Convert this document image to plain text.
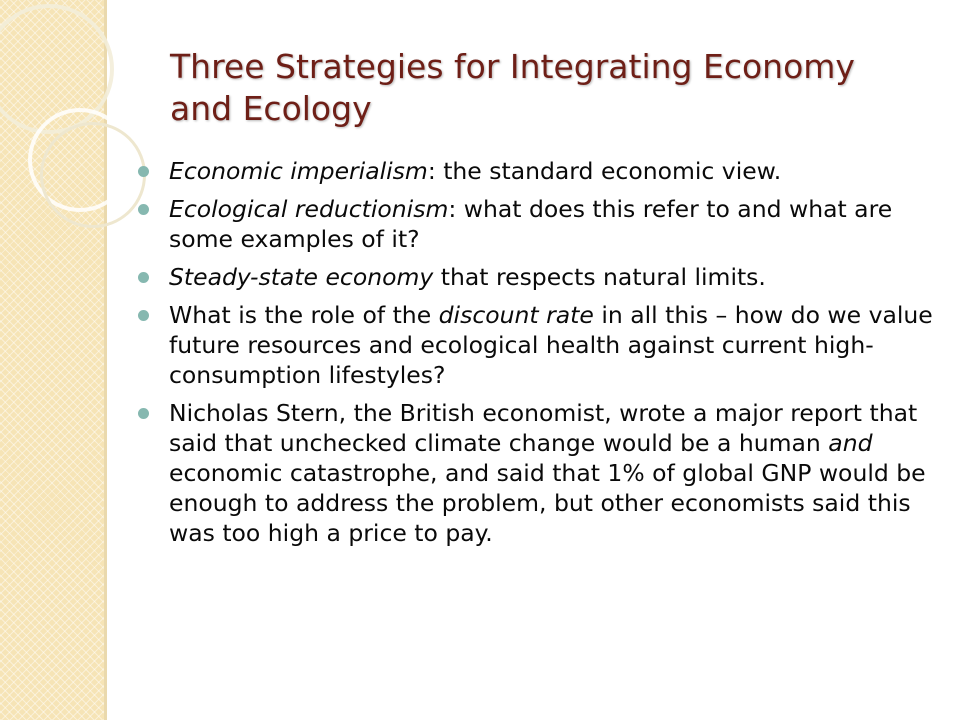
Three Strategies for Integrating Economy and Ecology
Economic imperialism: the standard economic view.
Ecological reductionism: what does this refer to and what are some examples of it?
Steady-state economy that respects natural limits.
What is the role of the discount rate in all this – how do we value future resources and ecological health against current high-consumption lifestyles?
Nicholas Stern, the British economist, wrote a major report that said that unchecked climate change would be a human and economic catastrophe, and said that 1% of global GNP would be enough to address the problem, but other economists said this was too high a price to pay.
